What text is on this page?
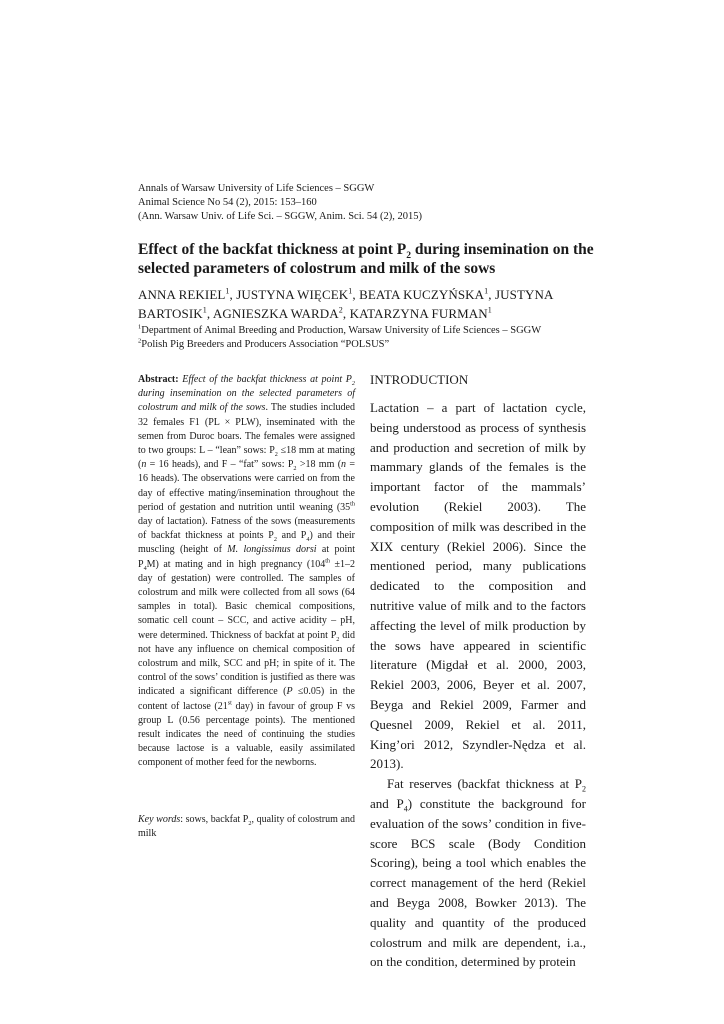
Annals of Warsaw University of Life Sciences – SGGW
Animal Science No 54 (2), 2015: 153–160
(Ann. Warsaw Univ. of Life Sci. – SGGW, Anim. Sci. 54 (2), 2015)
Effect of the backfat thickness at point $P_2$ during insemination on the selected parameters of colostrum and milk of the sows
ANNA REKIEL$^1$, JUSTYNA WIĘCEK$^1$, BEATA KUCZYŃSKA$^1$, JUSTYNA BARTOSIK$^1$, AGNIESZKA WARDA$^2$, KATARZYNA FURMAN$^1$
$^1$Department of Animal Breeding and Production, Warsaw University of Life Sciences – SGGW
$^2$Polish Pig Breeders and Producers Association “POLSUS”
Abstract: Effect of the backfat thickness at point $P_2$ during insemination on the selected parameters of colostrum and milk of the sows. The studies included 32 females F1 (PL × PLW), inseminated with the semen from Duroc boars. The females were assigned to two groups: L – “lean” sows: $P_2 \le 18$ mm at mating (n = 16 heads), and F – “fat” sows: $P_2 >18$ mm (n = 16 heads). The observations were carried on from the day of effective mating/insemination throughout the period of gestation and nutrition until weaning (35th day of lactation). Fatness of the sows (measurements of backfat thickness at points $P_2$ and $P_4$) and their muscling (height of M. longissimus dorsi at point $P_4M$) at mating and in high pregnancy (104th ±1–2 day of gestation) were controlled. The samples of colostrum and milk were collected from all sows (64 samples in total). Basic chemical compositions, somatic cell count – SCC, and active acidity – pH, were determined. Thickness of backfat at point $P_2$ did not have any influence on chemical composition of colostrum and milk, SCC and pH; in spite of it. The control of the sows’ condition is justified as there was indicated a significant difference (P ≤0.05) in the content of lactose (21st day) in favour of group F vs group L (0.56 percentage points). The mentioned result indicates the need of continuing the studies because lactose is a valuable, easily assimilated component of mother feed for the newborns.
Key words: sows, backfat $P_2$, quality of colostrum and milk
INTRODUCTION

Lactation – a part of lactation cycle, being understood as process of synthesis and production and secretion of milk by mammary glands of the females is the important factor of the mammals’ evolution (Rekiel 2003). The composition of milk was described in the XIX century (Rekiel 2006). Since the mentioned period, many publications dedicated to the composition and nutritive value of milk and to the factors affecting the level of milk production by the sows have appeared in scientific literature (Migdał et al. 2000, 2003, Rekiel 2003, 2006, Beyer et al. 2007, Beyga and Rekiel 2009, Farmer and Quesnel 2009, Rekiel et al. 2011, King’ori 2012, Szyndler-Nędza et al. 2013).

Fat reserves (backfat thickness at $P_2$ and $P_4$) constitute the background for evaluation of the sows’ condition in five-score BCS scale (Body Condition Scoring), being a tool which enables the correct management of the herd (Rekiel and Beyga 2008, Bowker 2013). The quality and quantity of the produced colostrum and milk are dependent, i.a., on the condition, determined by protein
